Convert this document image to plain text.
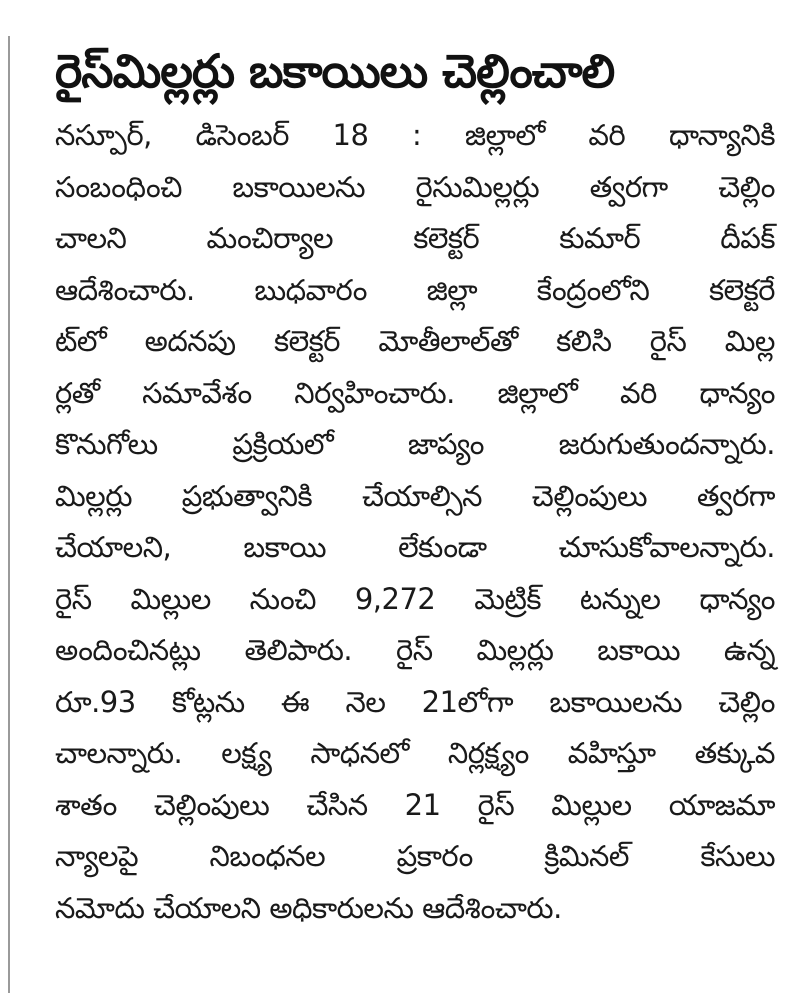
రైస్‌మిల్లర్లు బకాయిలు చెల్లించాలి
నస్పూర్‌, డిసెంబర్‌ 18 : జిల్లాలో వరి ధాన్యానికి
సంబంధించి బకాయిలను రైసుమిల్లర్లు త్వరగా చెల్లిం
చాలని మంచిర్యాల కలెక్టర్‌ కుమార్‌ దీపక్‌
ఆదేశించారు. బుధవారం జిల్లా కేంద్రంలోని కలెక్టరే
ట్‌లో అదనపు కలెక్టర్‌ మోతీలాల్‌తో కలిసి రైస్‌ మిల్ల
ర్లతో సమావేశం నిర్వహించారు. జిల్లాలో వరి ధాన్యం
కొనుగోలు ప్రక్రియలో జాప్యం జరుగుతుందన్నారు.
మిల్లర్లు ప్రభుత్వానికి చేయాల్సిన చెల్లింపులు త్వరగా
చేయాలని, బకాయి లేకుండా చూసుకోవాలన్నారు.
రైస్‌ మిల్లుల నుంచి 9,272 మెట్రిక్‌ టన్నుల ధాన్యం
అందించినట్లు తెలిపారు. రైస్‌ మిల్లర్లు బకాయి ఉన్న
రూ.93 కోట్లను ఈ నెల 21లోగా బకాయిలను చెల్లిం
చాలన్నారు. లక్ష్య సాధనలో నిర్లక్ష్యం వహిస్తూ తక్కువ
శాతం చెల్లింపులు చేసిన 21 రైస్‌ మిల్లుల యాజమా
న్యాలపై నిబంధనల ప్రకారం క్రిమినల్‌ కేసులు
నమోదు చేయాలని అధికారులను ఆదేశించారు.
